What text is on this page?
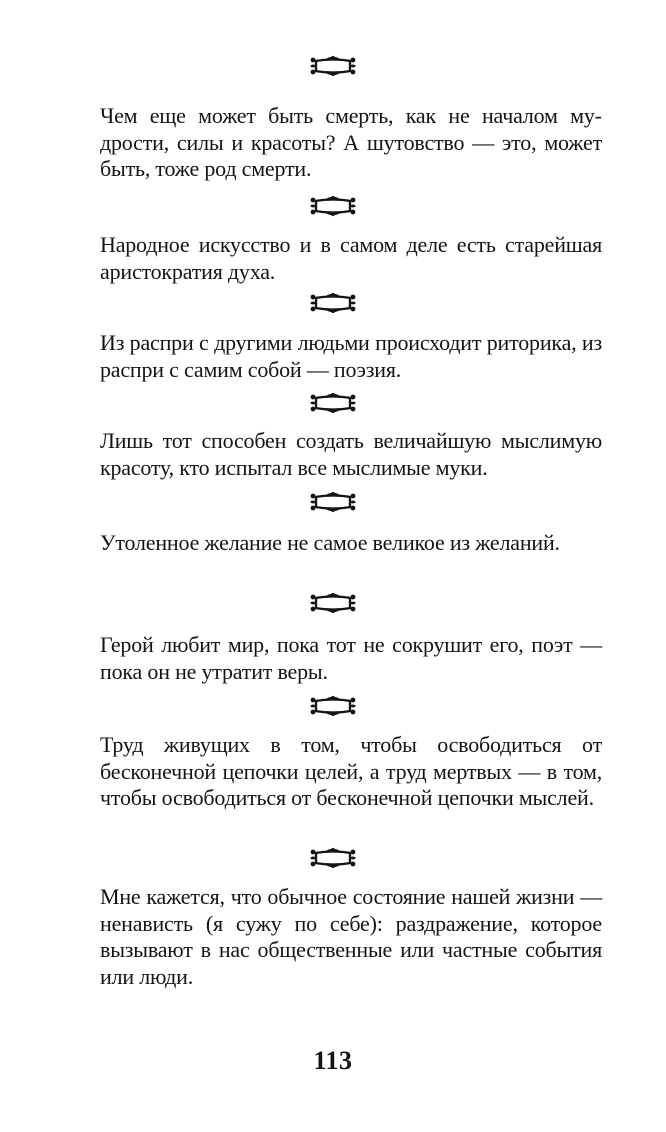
Чем еще может быть смерть, как не началом мудрости, силы и красоты? А шутовство — это, может быть, тоже род смерти.

Народное искусство и в самом деле есть старейшая аристократия духа.

Из распри с другими людьми происходит риторика, из распри с самим собой — поэзия.

Лишь тот способен создать величайшую мыслимую красоту, кто испытал все мыслимые муки.

Утоленное желание не самое великое из желаний.

Герой любит мир, пока тот не сокрушит его, поэт — пока он не утратит веры.

Труд живущих в том, чтобы освободиться от бесконечной цепочки целей, а труд мертвых — в том, чтобы освободиться от бесконечной цепочки мыслей.

Мне кажется, что обычное состояние нашей жизни — ненависть (я сужу по себе): раздражение, которое вызывают в нас общественные или частные события или люди.

113
